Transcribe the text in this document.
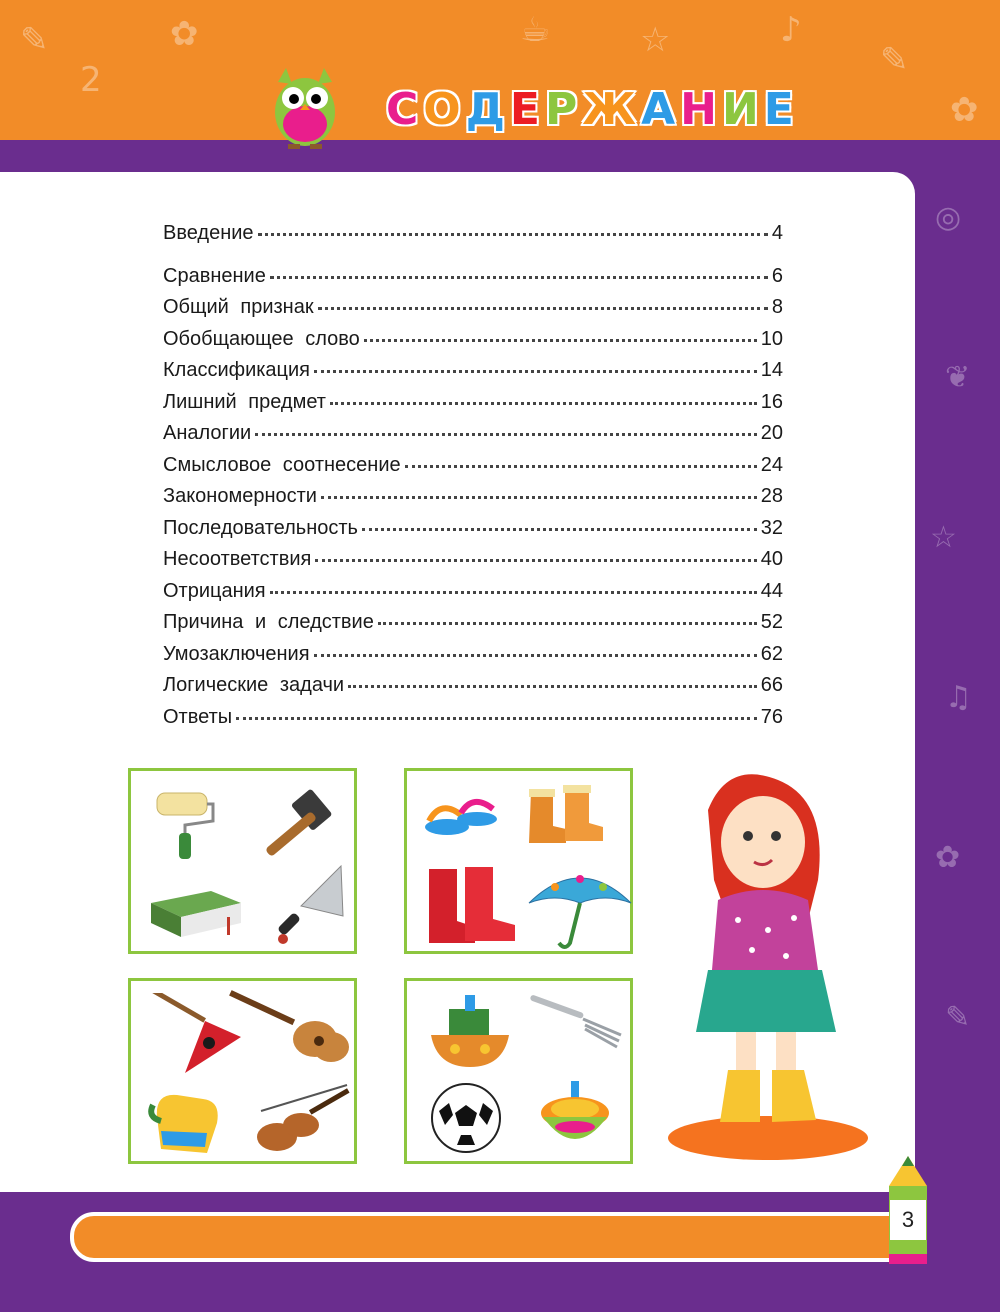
✎
2
✿	☕	☆	♪
✎
✿
◎
❦
☆
♫
✿
✎
С О Д Е Р Ж А Н И Е
Введение	4
Сравнение	6
Общий признак	8
Обобщающее слово	10
Классификация	14
Лишний предмет	16
Аналогии	20
Смысловое соотнесение	24
Закономерности	28
Последовательность	32
Несоответствия	40
Отрицания	44
Причина и следствие	52
Умозаключения	62
Логические задачи	66
Ответы	76
3
